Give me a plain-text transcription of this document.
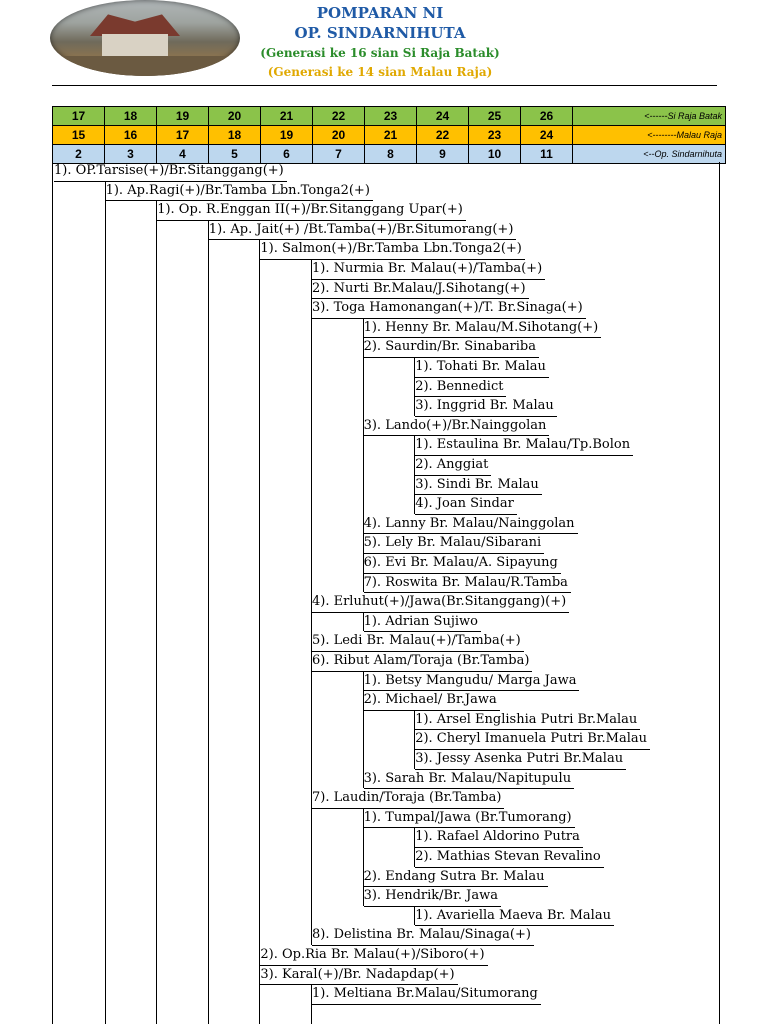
POMPARAN NI
OP. SINDARNIHUTA
(Generasi ke 16 sian Si Raja Batak)
(Generasi ke 14 sian Malau Raja)
17	18	19	20	21	22	23	24	25	26	<------Si Raja Batak
15	16	17	18	19	20	21	22	23	24	<--------Malau Raja
2	3	4	5	6	7	8	9	10	11	<--Op. Sindarnihuta
1). OP.Tarsise(+)/Br.Sitanggang(+)
1). Ap.Ragi(+)/Br.Tamba Lbn.Tonga2(+)
1). Op. R.Enggan II(+)/Br.Sitanggang Upar(+)
1). Ap. Jait(+) /Bt.Tamba(+)/Br.Situmorang(+)
1). Salmon(+)/Br.Tamba Lbn.Tonga2(+)
1). Nurmia Br. Malau(+)/Tamba(+)
2). Nurti Br.Malau/J.Sihotang(+)
3). Toga Hamonangan(+)/T. Br.Sinaga(+)
1). Henny Br. Malau/M.Sihotang(+)
2). Saurdin/Br. Sinabariba
1). Tohati Br. Malau
2). Bennedict
3). Inggrid Br. Malau
3). Lando(+)/Br.Nainggolan
1). Estaulina Br. Malau/Tp.Bolon
2). Anggiat
3). Sindi Br. Malau
4). Joan Sindar
4). Lanny Br. Malau/Nainggolan
5). Lely Br. Malau/Sibarani
6). Evi Br. Malau/A. Sipayung
7). Roswita Br. Malau/R.Tamba
4). Erluhut(+)/Jawa(Br.Sitanggang)(+)
1). Adrian Sujiwo
5). Ledi Br. Malau(+)/Tamba(+)
6). Ribut Alam/Toraja (Br.Tamba)
1). Betsy Mangudu/ Marga Jawa
2). Michael/ Br.Jawa
1). Arsel Englishia Putri Br.Malau
2). Cheryl Imanuela Putri Br.Malau
3). Jessy Asenka Putri Br.Malau
3). Sarah Br. Malau/Napitupulu
7). Laudin/Toraja (Br.Tamba)
1). Tumpal/Jawa (Br.Tumorang)
1). Rafael Aldorino Putra
2). Mathias Stevan Revalino
2). Endang Sutra Br. Malau
3). Hendrik/Br. Jawa
1). Avariella Maeva Br. Malau
8). Delistina Br. Malau/Sinaga(+)
2). Op.Ria Br. Malau(+)/Siboro(+)
3). Karal(+)/Br. Nadapdap(+)
1). Meltiana Br.Malau/Situmorang
